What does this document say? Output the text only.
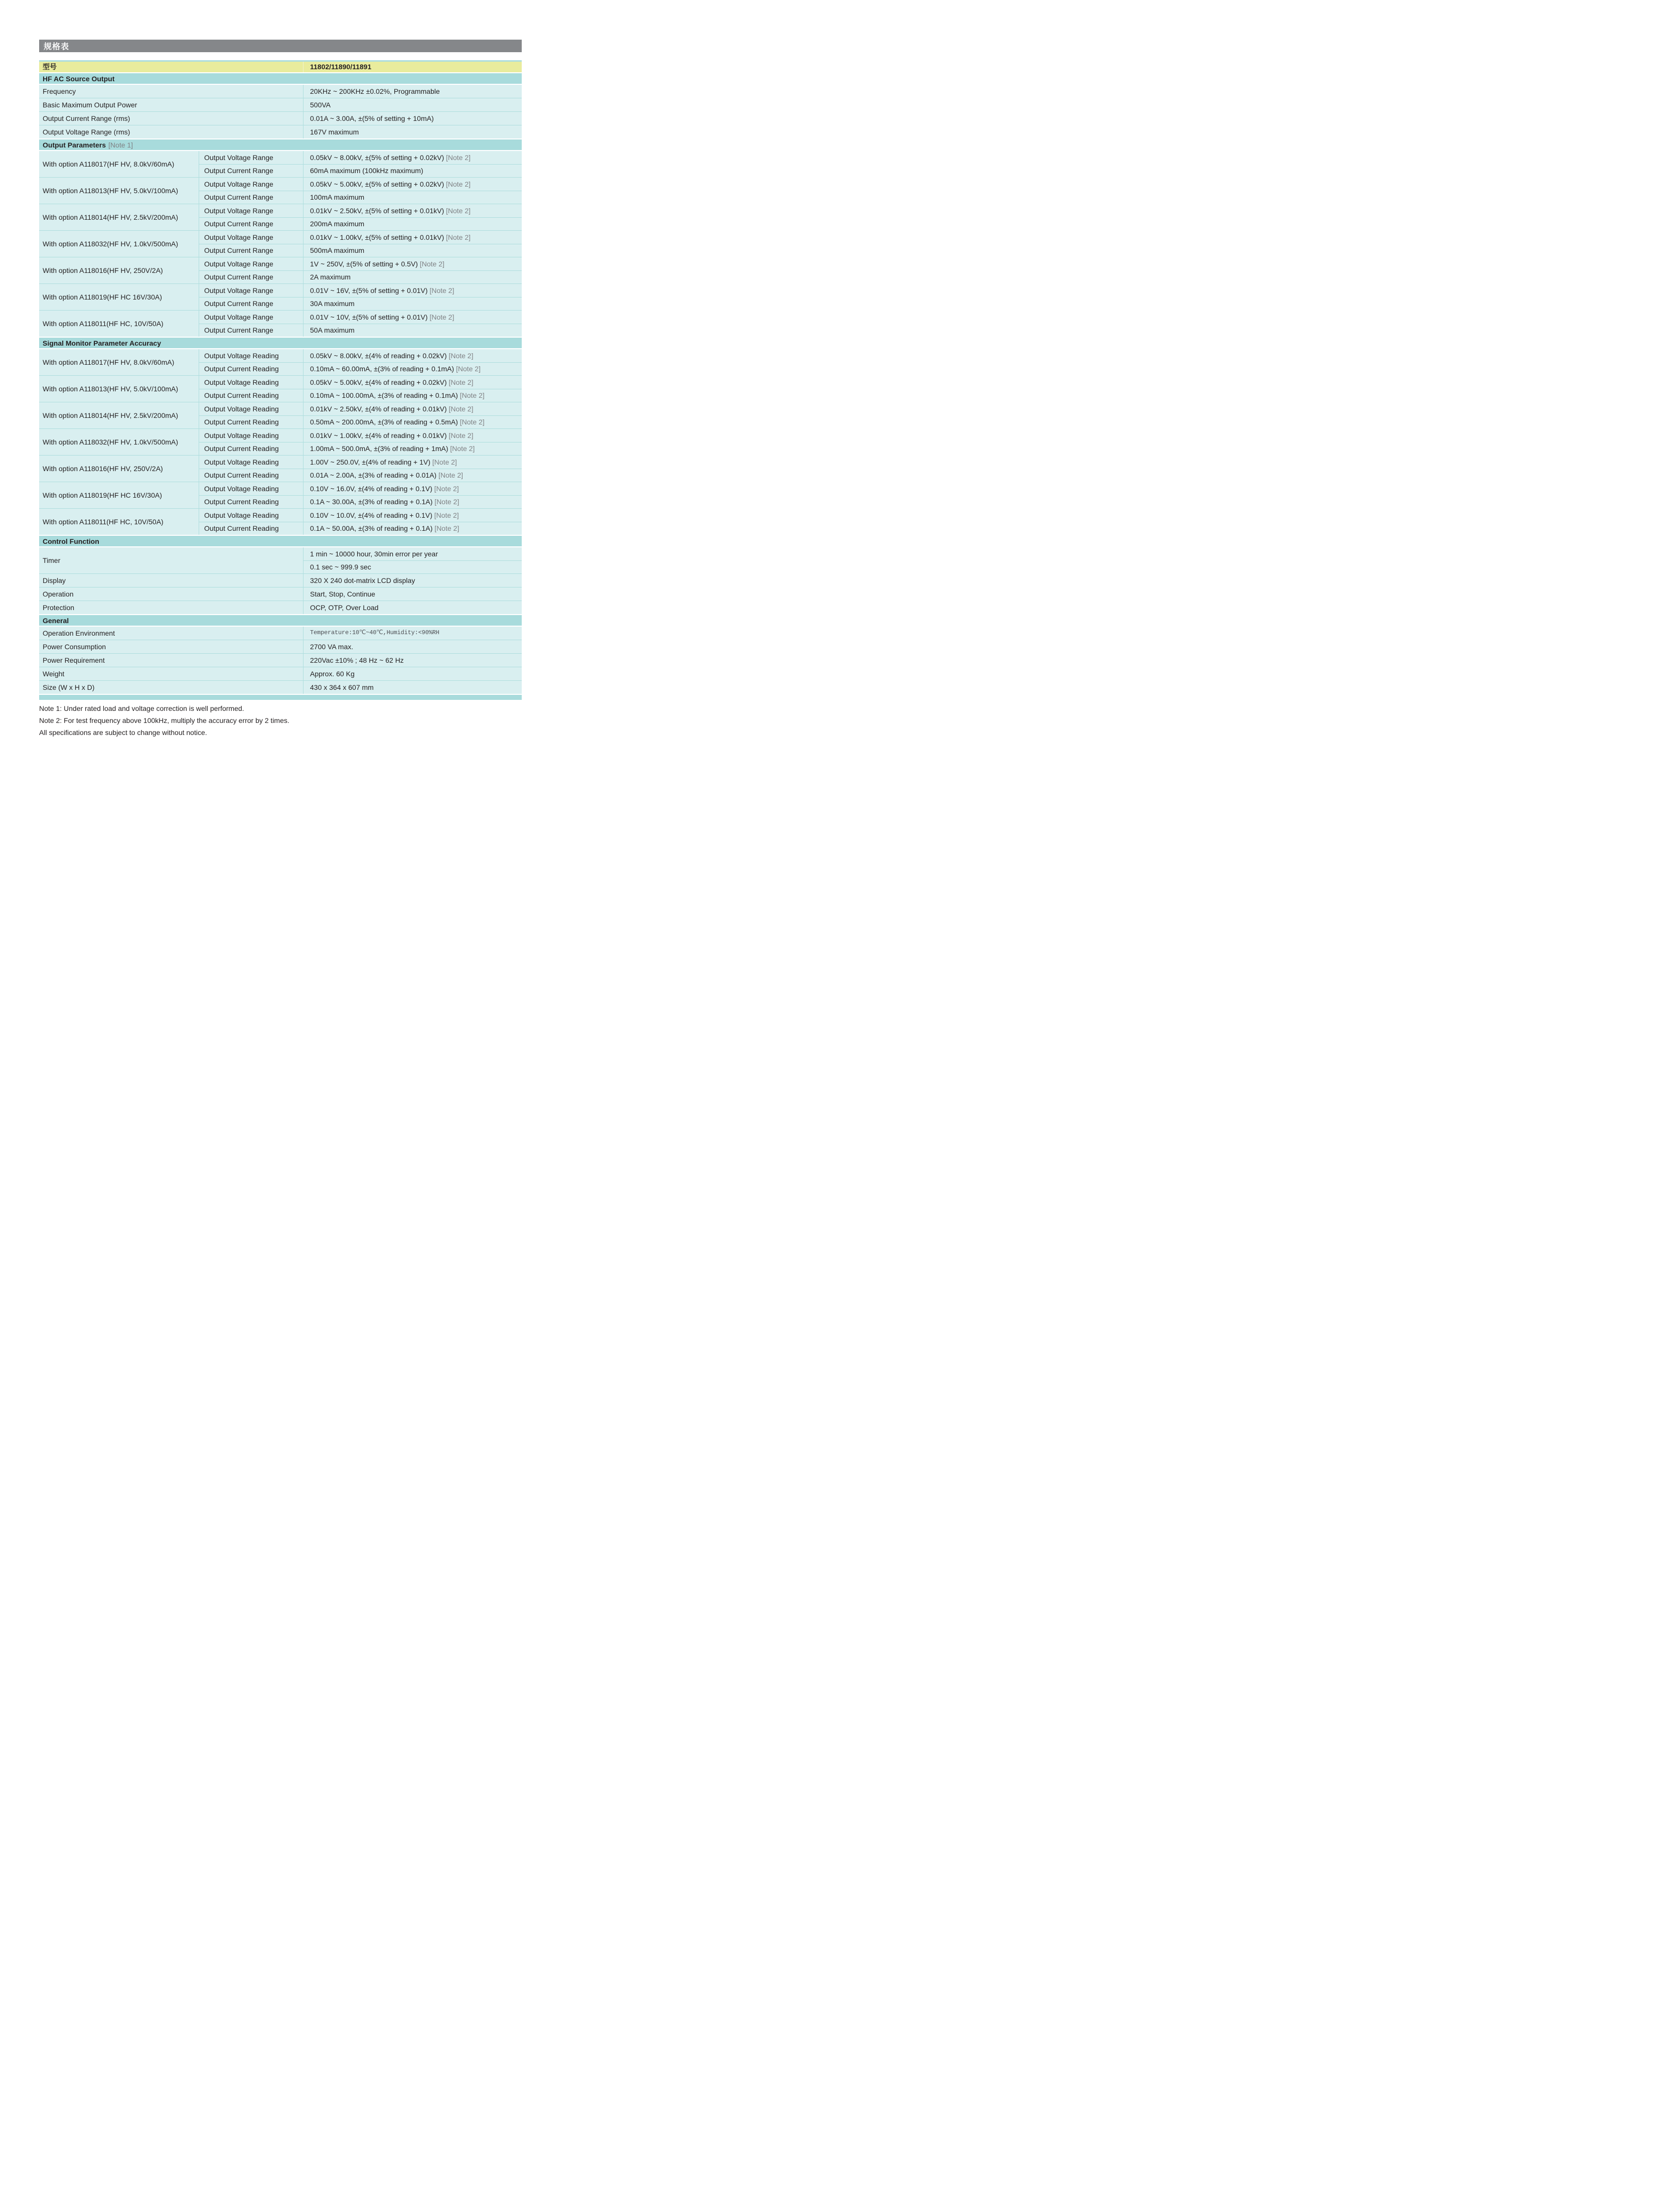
规格表
型号	11802/11890/11891
HF AC Source Output
Frequency	20KHz ~ 200KHz ±0.02%, Programmable
Basic Maximum Output Power	500VA
Output Current Range (rms)	0.01A ~ 3.00A, ±(5% of setting + 10mA)
Output Voltage Range (rms)	167V maximum
Output Parameters [Note 1]
With option A118017(HF HV, 8.0kV/60mA)
Output Voltage Range	0.05kV ~ 8.00kV, ±(5% of setting + 0.02kV) [Note 2]
Output Current Range	60mA maximum (100kHz maximum)
With option A118013(HF HV, 5.0kV/100mA)
Output Voltage Range	0.05kV ~ 5.00kV, ±(5% of setting + 0.02kV) [Note 2]
Output Current Range	100mA maximum
With option A118014(HF HV, 2.5kV/200mA)
Output Voltage Range	0.01kV ~ 2.50kV, ±(5% of setting + 0.01kV) [Note 2]
Output Current Range	200mA maximum
With option A118032(HF HV, 1.0kV/500mA)
Output Voltage Range	0.01kV ~ 1.00kV, ±(5% of setting + 0.01kV) [Note 2]
Output Current Range	500mA maximum
With option A118016(HF HV, 250V/2A)
Output Voltage Range	1V ~ 250V, ±(5% of setting + 0.5V) [Note 2]
Output Current Range	2A maximum
With option A118019(HF HC 16V/30A)
Output Voltage Range	0.01V ~ 16V, ±(5% of setting + 0.01V) [Note 2]
Output Current Range	30A maximum
With option A118011(HF HC, 10V/50A)
Output Voltage Range	0.01V ~ 10V, ±(5% of setting + 0.01V) [Note 2]
Output Current Range	50A maximum
Signal Monitor Parameter Accuracy
With option A118017(HF HV, 8.0kV/60mA)
Output Voltage Reading	0.05kV ~ 8.00kV, ±(4% of reading + 0.02kV) [Note 2]
Output Current Reading	0.10mA ~ 60.00mA, ±(3% of reading + 0.1mA) [Note 2]
With option A118013(HF HV, 5.0kV/100mA)
Output Voltage Reading	0.05kV ~ 5.00kV, ±(4% of reading + 0.02kV) [Note 2]
Output Current Reading	0.10mA ~ 100.00mA, ±(3% of reading + 0.1mA) [Note 2]
With option A118014(HF HV, 2.5kV/200mA)
Output Voltage Reading	0.01kV ~ 2.50kV, ±(4% of reading + 0.01kV) [Note 2]
Output Current Reading	0.50mA ~ 200.00mA, ±(3% of reading + 0.5mA) [Note 2]
With option A118032(HF HV, 1.0kV/500mA)
Output Voltage Reading	0.01kV ~ 1.00kV, ±(4% of reading + 0.01kV) [Note 2]
Output Current Reading	1.00mA ~ 500.0mA, ±(3% of reading + 1mA) [Note 2]
With option A118016(HF HV, 250V/2A)
Output Voltage Reading	1.00V ~ 250.0V, ±(4% of reading + 1V) [Note 2]
Output Current Reading	0.01A ~ 2.00A, ±(3% of reading + 0.01A) [Note 2]
With option A118019(HF HC 16V/30A)
Output Voltage Reading	0.10V ~ 16.0V, ±(4% of reading + 0.1V) [Note 2]
Output Current Reading	0.1A ~ 30.00A, ±(3% of reading + 0.1A) [Note 2]
With option A118011(HF HC, 10V/50A)
Output Voltage Reading	0.10V ~ 10.0V, ±(4% of reading + 0.1V) [Note 2]
Output Current Reading	0.1A ~ 50.00A, ±(3% of reading + 0.1A) [Note 2]
Control Function
Timer
1 min ~ 10000 hour, 30min error per year
0.1 sec ~ 999.9 sec
Display	320 X 240 dot-matrix LCD display
Operation	Start, Stop, Continue
Protection	OCP, OTP, Over Load
General
Operation Environment	Temperature:10℃~40℃,Humidity:<90%RH
Power Consumption	2700 VA max.
Power Requirement	220Vac ±10% ; 48 Hz ~ 62 Hz
Weight	Approx. 60 Kg
Size (W x H x D)	430 x 364 x 607 mm
Note 1: Under rated load and voltage correction is well performed.
Note 2: For test frequency above 100kHz, multiply the accuracy error by 2 times.
All specifications are subject to change without notice.
